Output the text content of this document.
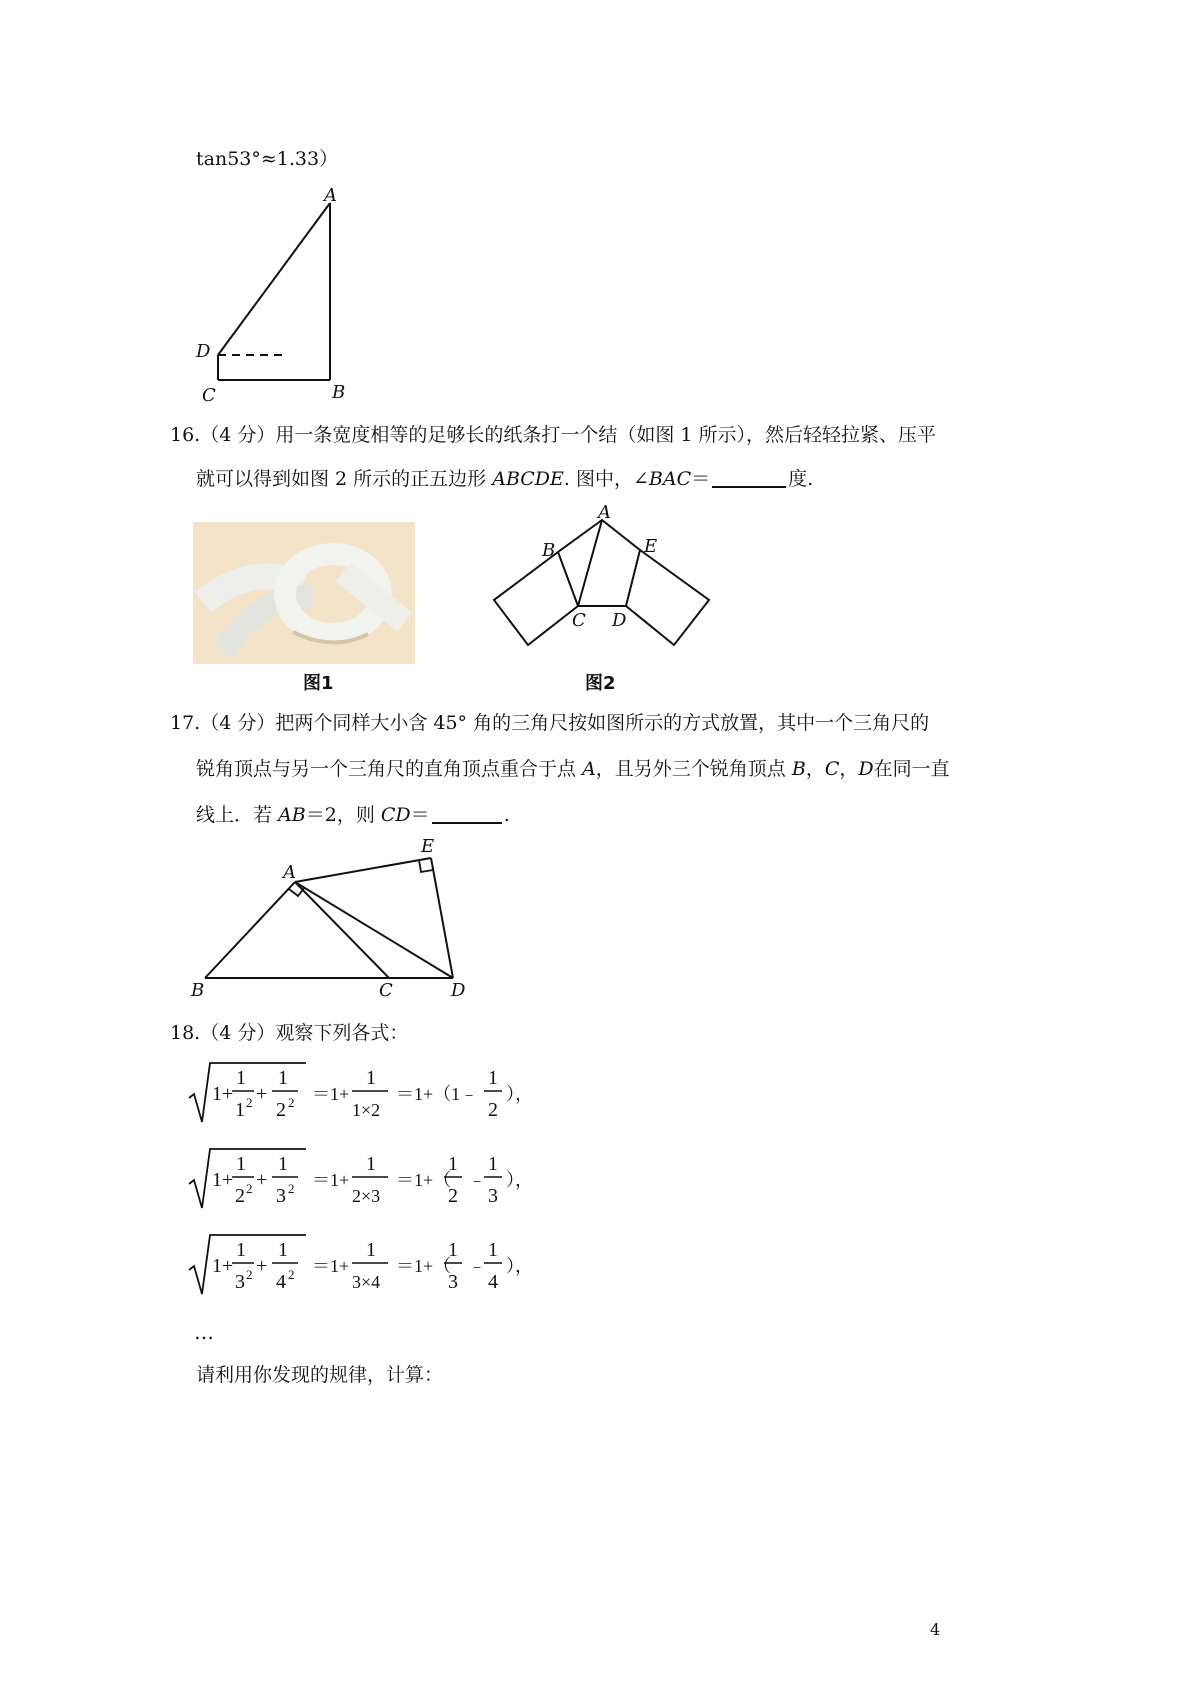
tan53°≈1.33）
A
B
C
D
16.（4 分）用一条宽度相等的足够长的纸条打一个结（如图 1 所示），然后轻轻拉紧、压平
就可以得到如图 2 所示的正五边形 ABCDE. 图中，∠BAC＝	度.
图1
A
B
C D
E
图2
17.（4 分）把两个同样大小含 45° 角的三角尺按如图所示的方式放置，其中一个三角尺的
锐角顶点与另一个三角尺的直角顶点重合于点 A，且另外三个锐角顶点 B，C，D在同一直
线上．若 AB＝2，则 CD＝	.
A
B	C	D
E
18.（4 分）观察下列各式：
1+
1
1 2 +
1
2 2 ＝1+
1
1×2
＝1+（1﹣
1
2
），
1+
1
2 2 +
1
3 2 ＝1+
1
2×3
＝1+（
1
2
﹣
1
3
），
1+
1
3 2 +
1
4 2 ＝1+
1
3×4
＝1+（
1
3
﹣
1
4
），
…
请利用你发现的规律，计算：
4
